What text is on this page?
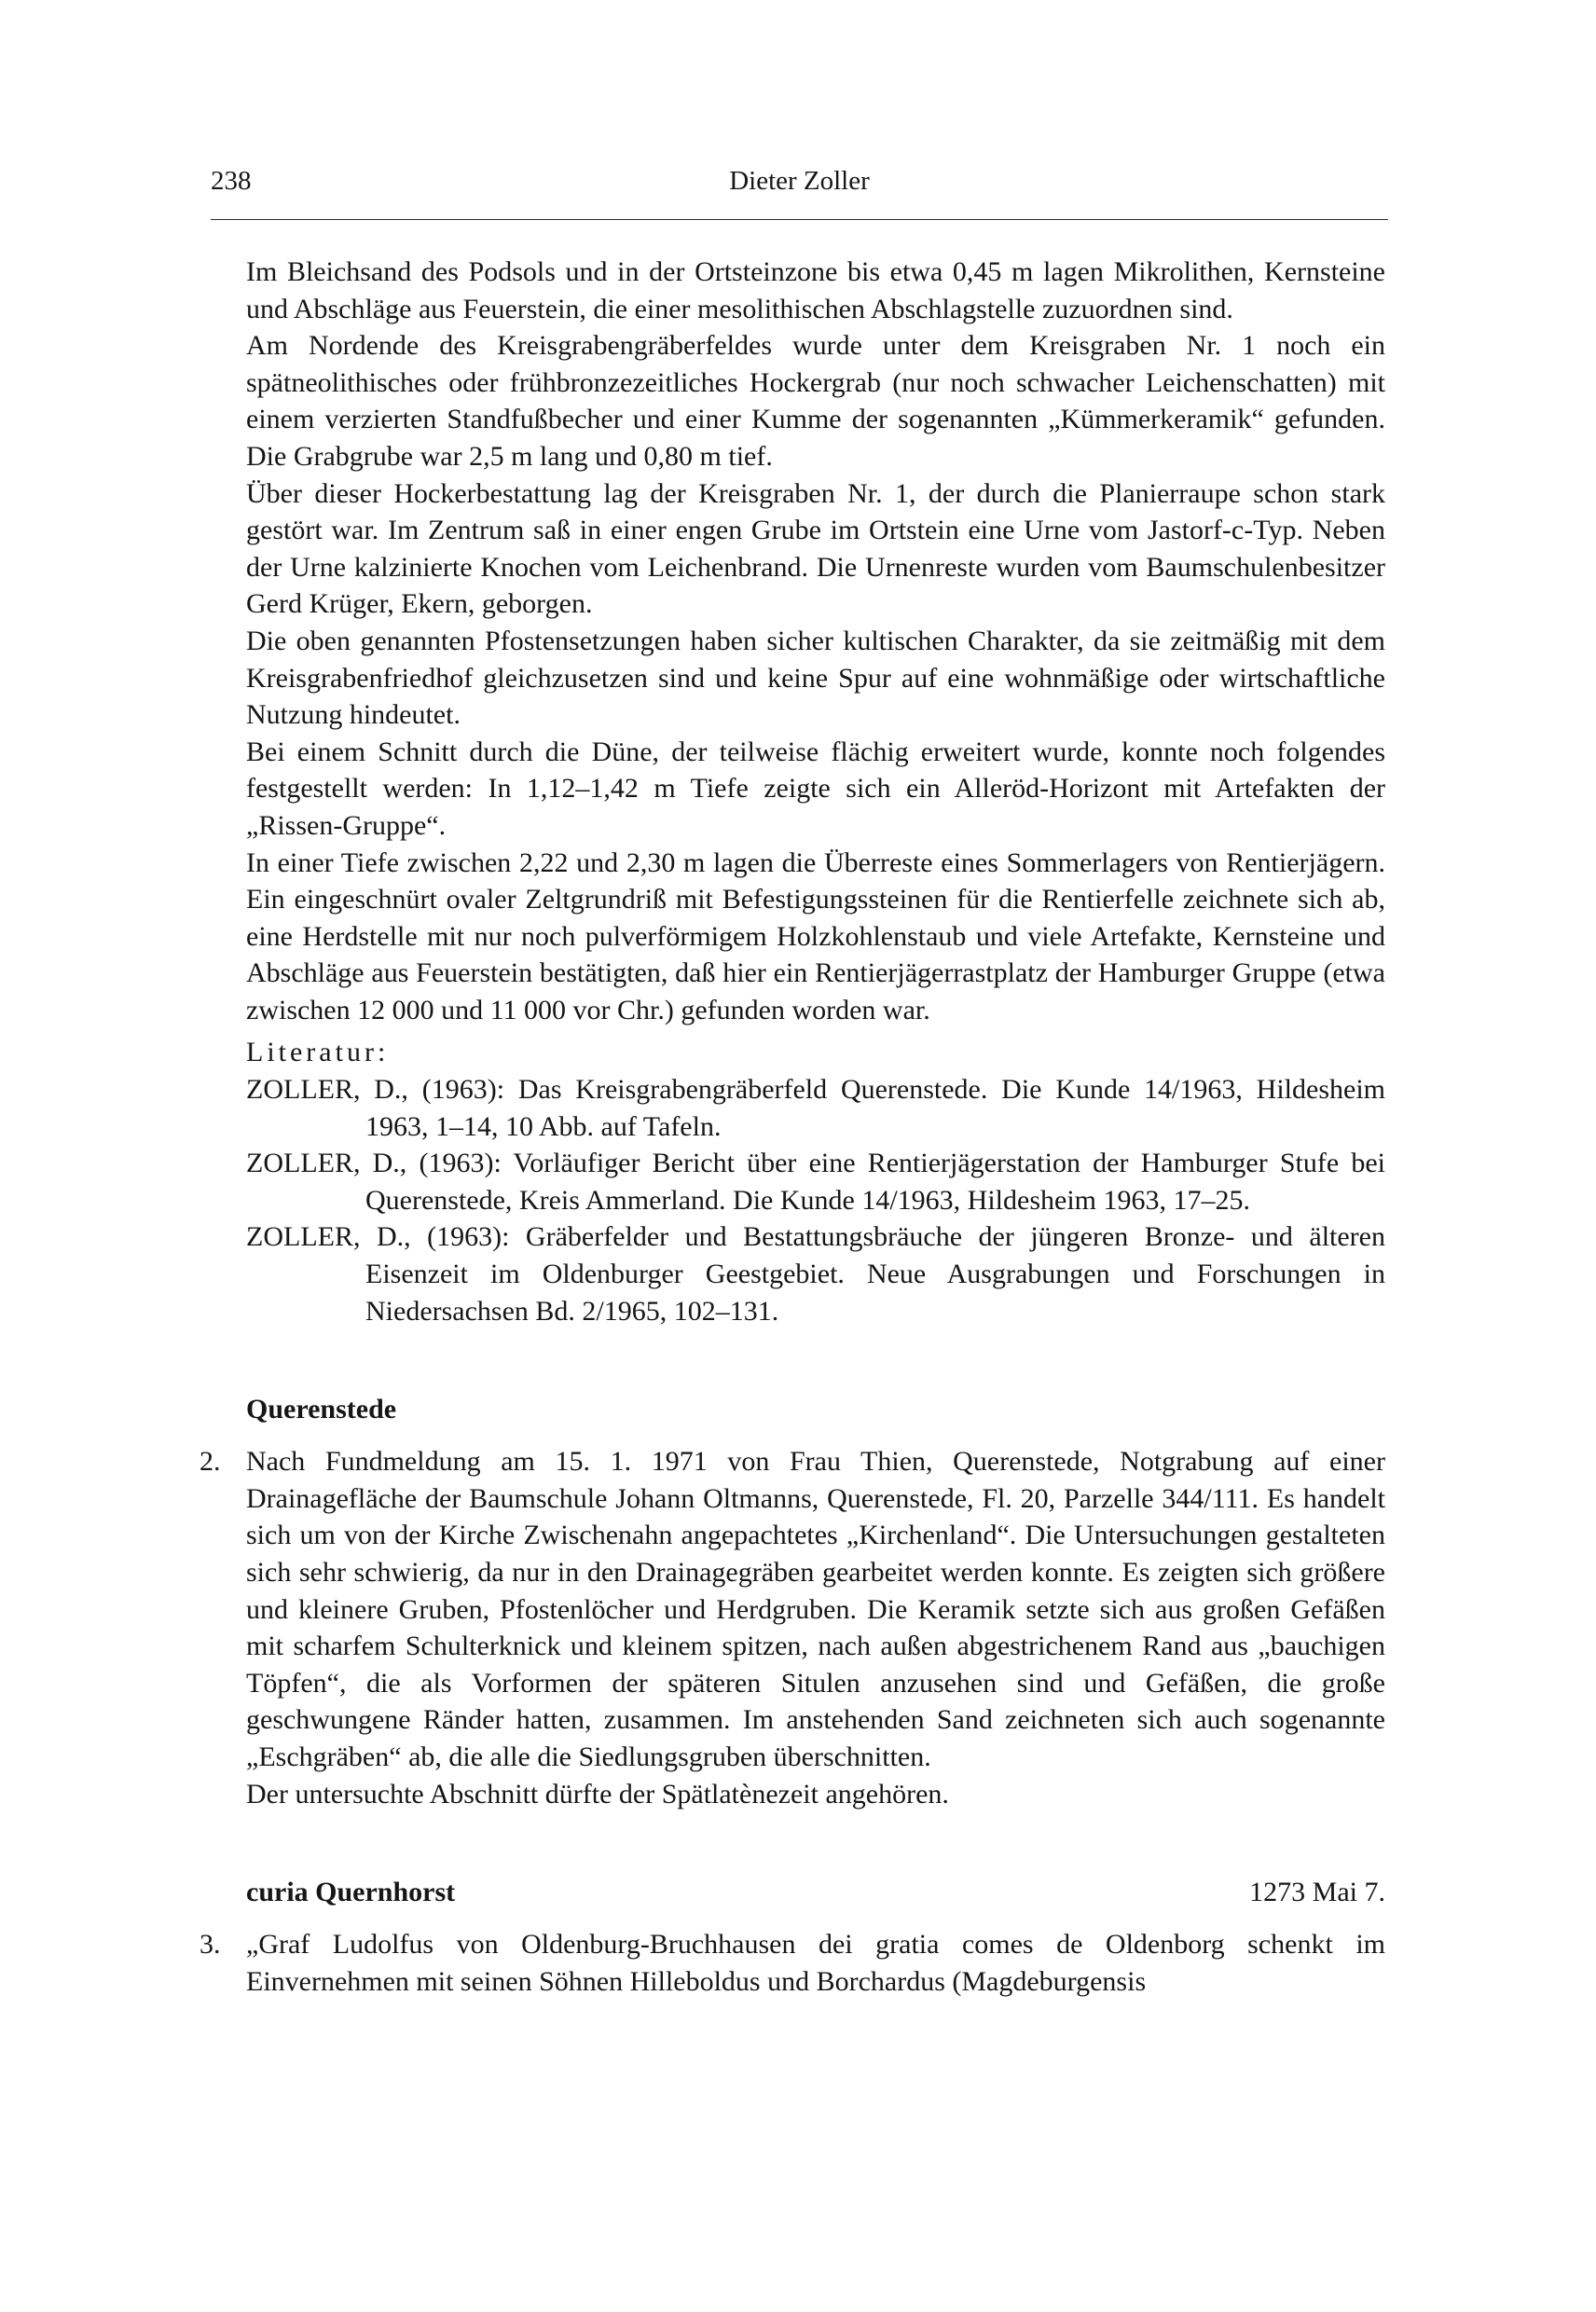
238	Dieter Zoller

Im Bleichsand des Podsols und in der Ortsteinzone bis etwa 0,45 m lagen Mikrolithen, Kernsteine und Abschläge aus Feuerstein, die einer mesolithischen Abschlagstelle zuzuordnen sind.

Am Nordende des Kreisgrabengräberfeldes wurde unter dem Kreisgraben Nr. 1 noch ein spätneolithisches oder frühbronzezeitliches Hockergrab (nur noch schwacher Leichenschatten) mit einem verzierten Standfußbecher und einer Kumme der sogenannten „Kümmerkeramik“ gefunden. Die Grabgrube war 2,5 m lang und 0,80 m tief.

Über dieser Hockerbestattung lag der Kreisgraben Nr. 1, der durch die Planierraupe schon stark gestört war. Im Zentrum saß in einer engen Grube im Ortstein eine Urne vom Jastorf-c-Typ. Neben der Urne kalzinierte Knochen vom Leichenbrand. Die Urnenreste wurden vom Baumschulenbesitzer Gerd Krüger, Ekern, geborgen.

Die oben genannten Pfostensetzungen haben sicher kultischen Charakter, da sie zeitmäßig mit dem Kreisgrabenfriedhof gleichzusetzen sind und keine Spur auf eine wohnmäßige oder wirtschaftliche Nutzung hindeutet.

Bei einem Schnitt durch die Düne, der teilweise flächig erweitert wurde, konnte noch folgendes festgestellt werden: In 1,12–1,42 m Tiefe zeigte sich ein Alleröd-Horizont mit Artefakten der „Rissen-Gruppe“.

In einer Tiefe zwischen 2,22 und 2,30 m lagen die Überreste eines Sommerlagers von Rentierjägern. Ein eingeschnürt ovaler Zeltgrundriß mit Befestigungssteinen für die Rentierfelle zeichnete sich ab, eine Herdstelle mit nur noch pulverförmigem Holzkohlenstaub und viele Artefakte, Kernsteine und Abschläge aus Feuerstein bestätigten, daß hier ein Rentierjägerrastplatz der Hamburger Gruppe (etwa zwischen 12 000 und 11 000 vor Chr.) gefunden worden war.

Literatur:

ZOLLER, D., (1963): Das Kreisgrabengräberfeld Querenstede. Die Kunde 14/1963, Hildesheim 1963, 1–14, 10 Abb. auf Tafeln.

ZOLLER, D., (1963): Vorläufiger Bericht über eine Rentierjägerstation der Hamburger Stufe bei Querenstede, Kreis Ammerland. Die Kunde 14/1963, Hildesheim 1963, 17–25.

ZOLLER, D., (1963): Gräberfelder und Bestattungsbräuche der jüngeren Bronze- und älteren Eisenzeit im Oldenburger Geestgebiet. Neue Ausgrabungen und Forschungen in Niedersachsen Bd. 2/1965, 102–131.

Querenstede

2. Nach Fundmeldung am 15. 1. 1971 von Frau Thien, Querenstede, Notgrabung auf einer Drainagefläche der Baumschule Johann Oltmanns, Querenstede, Fl. 20, Parzelle 344/111. Es handelt sich um von der Kirche Zwischenahn angepachtetes „Kirchenland“. Die Untersuchungen gestalteten sich sehr schwierig, da nur in den Drainagegräben gearbeitet werden konnte. Es zeigten sich größere und kleinere Gruben, Pfostenlöcher und Herdgruben. Die Keramik setzte sich aus großen Gefäßen mit scharfem Schulterknick und kleinem spitzen, nach außen abgestrichenem Rand aus „bauchigen Töpfen“, die als Vorformen der späteren Situlen anzusehen sind und Gefäßen, die große geschwungene Ränder hatten, zusammen. Im anstehenden Sand zeichneten sich auch sogenannte „Eschgräben“ ab, die alle die Siedlungsgruben überschnitten.

Der untersuchte Abschnitt dürfte der Spätlatènezeit angehören.

curia Quernhorst	1273 Mai 7.

3. „Graf Ludolfus von Oldenburg-Bruchhausen dei gratia comes de Oldenborg schenkt im Einvernehmen mit seinen Söhnen Hilleboldus und Borchardus (Magdeburgensis
